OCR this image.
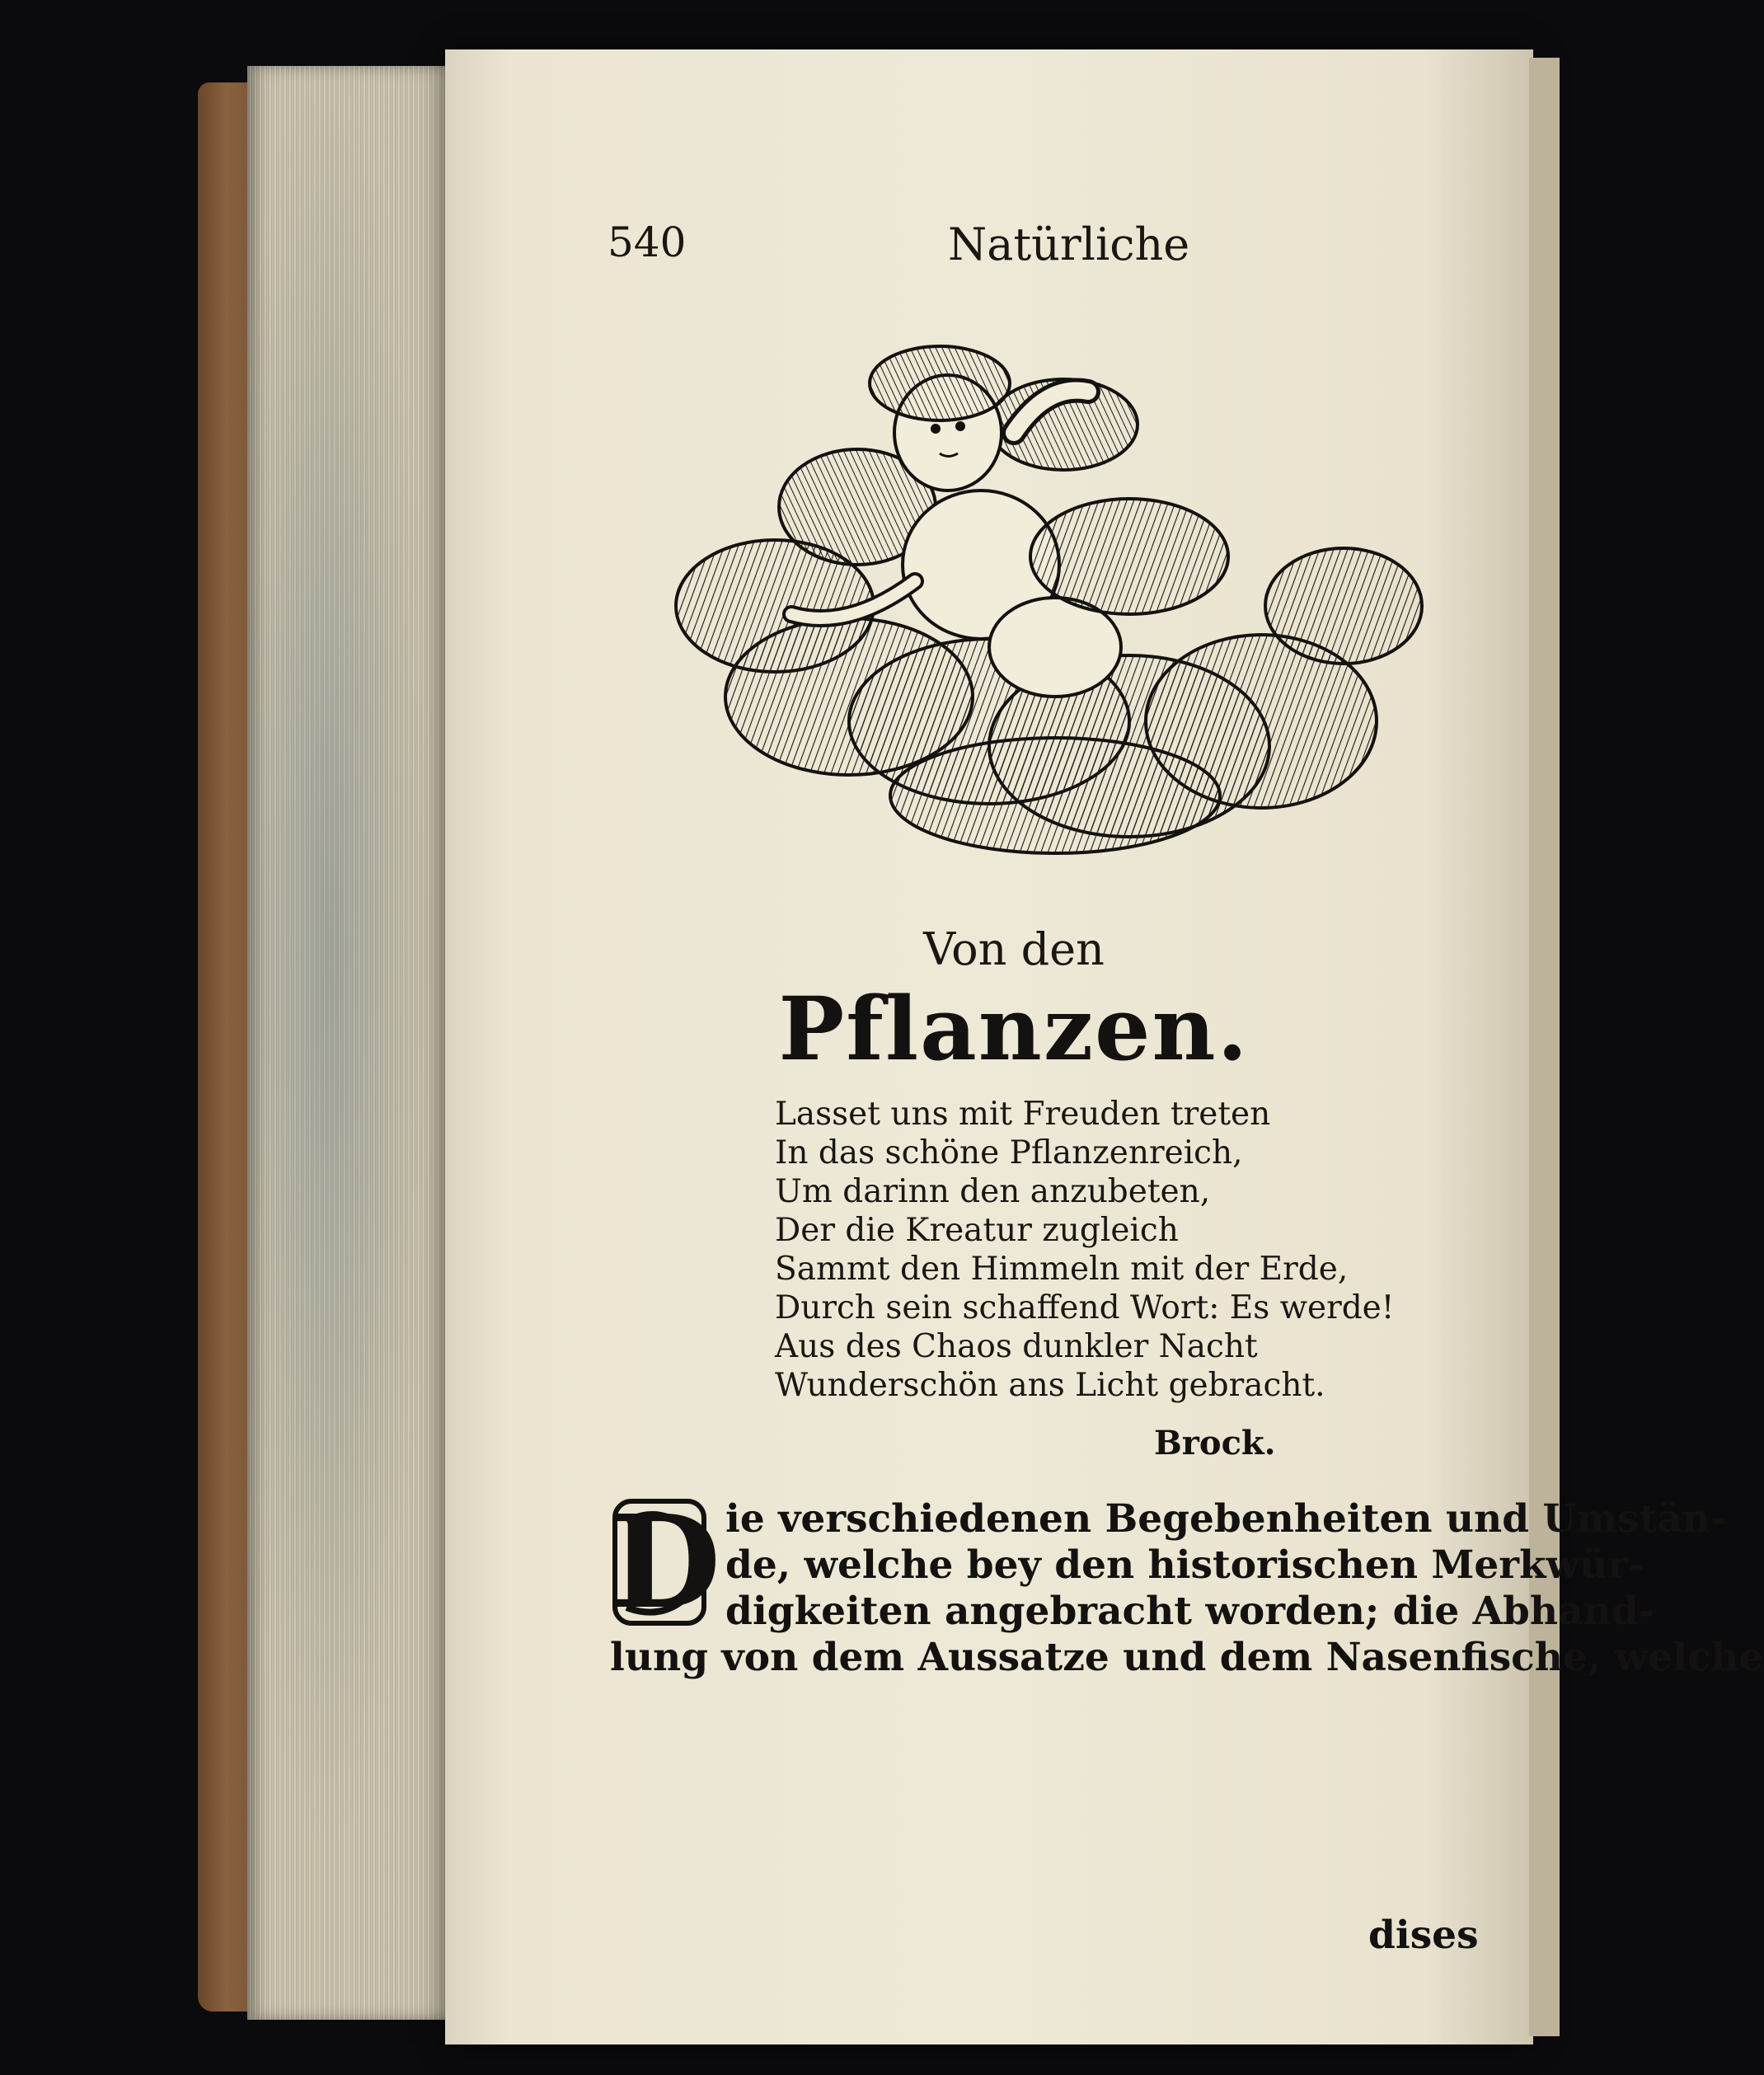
540	Natürliche
Von den
Pflanzen.
Lasset uns mit Freuden treten
In das schöne Pflanzenreich,
Um darinn den anzubeten,
Der die Kreatur zugleich
Sammt den Himmeln mit der Erde,
Durch sein schaffend Wort: Es werde!
Aus des Chaos dunkler Nacht
Wunderschön ans Licht gebracht.
Brock.
D ie verschiedenen Begebenheiten und Umstän-
de, welche bey den historischen Merkwür-
digkeiten angebracht worden; die Abhand-
lung von dem Aussatze und dem Nasenfische, welche
dises
